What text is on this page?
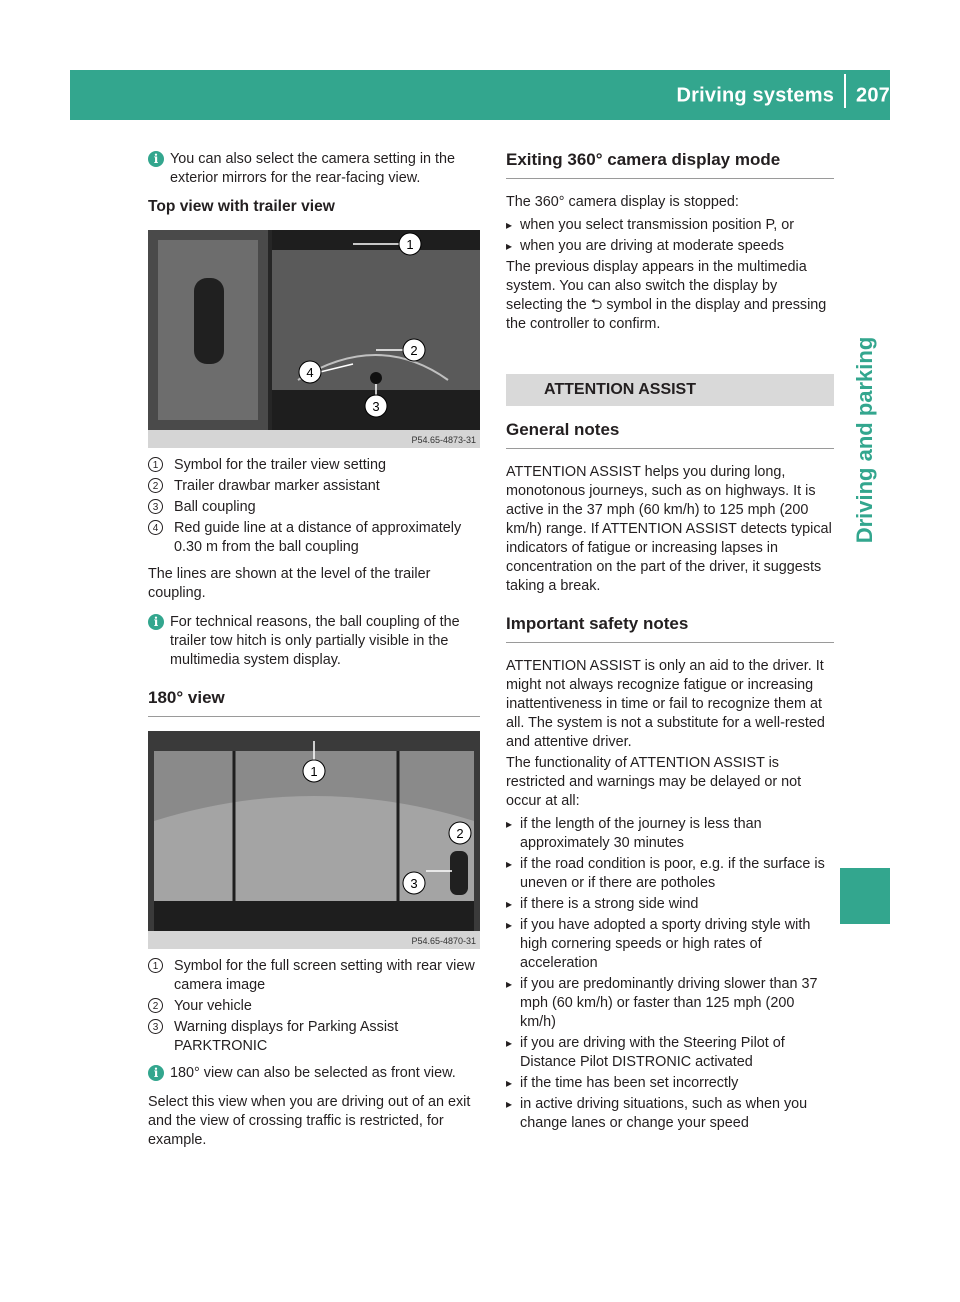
Driving systems 207
Driving and parking
i You can also select the camera setting in the exterior mirrors for the rear-facing view.

Top view with trailer view
1
2
3
4
P54.65-4873-31
1	Symbol for the trailer view setting
2	Trailer drawbar marker assistant
3	Ball coupling
4	Red guide line at a distance of approximately 0.30 m from the ball coupling

The lines are shown at the level of the trailer coupling.

i For technical reasons, the ball coupling of the trailer tow hitch is only partially visible in the multimedia system display.

180° view
1
2
3
P54.65-4870-31
1	Symbol for the full screen setting with rear view camera image
2	Your vehicle
3	Warning displays for Parking Assist PARKTRONIC
i 180° view can also be selected as front view.

Select this view when you are driving out of an exit and the view of crossing traffic is restricted, for example.

Exiting 360° camera display mode

The 360° camera display is stopped:

▸ when you select transmission position P, or
▸ when you are driving at moderate speeds

The previous display appears in the multimedia system. You can also switch the display by selecting the ⮌ symbol in the display and pressing the controller to confirm.

ATTENTION ASSIST
General notes

ATTENTION ASSIST helps you during long, monotonous journeys, such as on highways. It is active in the 37 mph (60 km/h) to 125 mph (200 km/h) range. If ATTENTION ASSIST detects typical indicators of fatigue or increasing lapses in concentration on the part of the driver, it suggests taking a break.

Important safety notes

ATTENTION ASSIST is only an aid to the driver. It might not always recognize fatigue or increasing inattentiveness in time or fail to recognize them at all. The system is not a substitute for a well-rested and attentive driver.

The functionality of ATTENTION ASSIST is restricted and warnings may be delayed or not occur at all:

▸ if the length of the journey is less than approximately 30 minutes
▸ if the road condition is poor, e.g. if the surface is uneven or if there are potholes
▸ if there is a strong side wind
▸ if you have adopted a sporty driving style with high cornering speeds or high rates of acceleration
▸ if you are predominantly driving slower than 37 mph (60 km/h) or faster than 125 mph (200 km/h)
▸ if you are driving with the Steering Pilot of Distance Pilot DISTRONIC activated
▸ if the time has been set incorrectly
▸ in active driving situations, such as when you change lanes or change your speed
